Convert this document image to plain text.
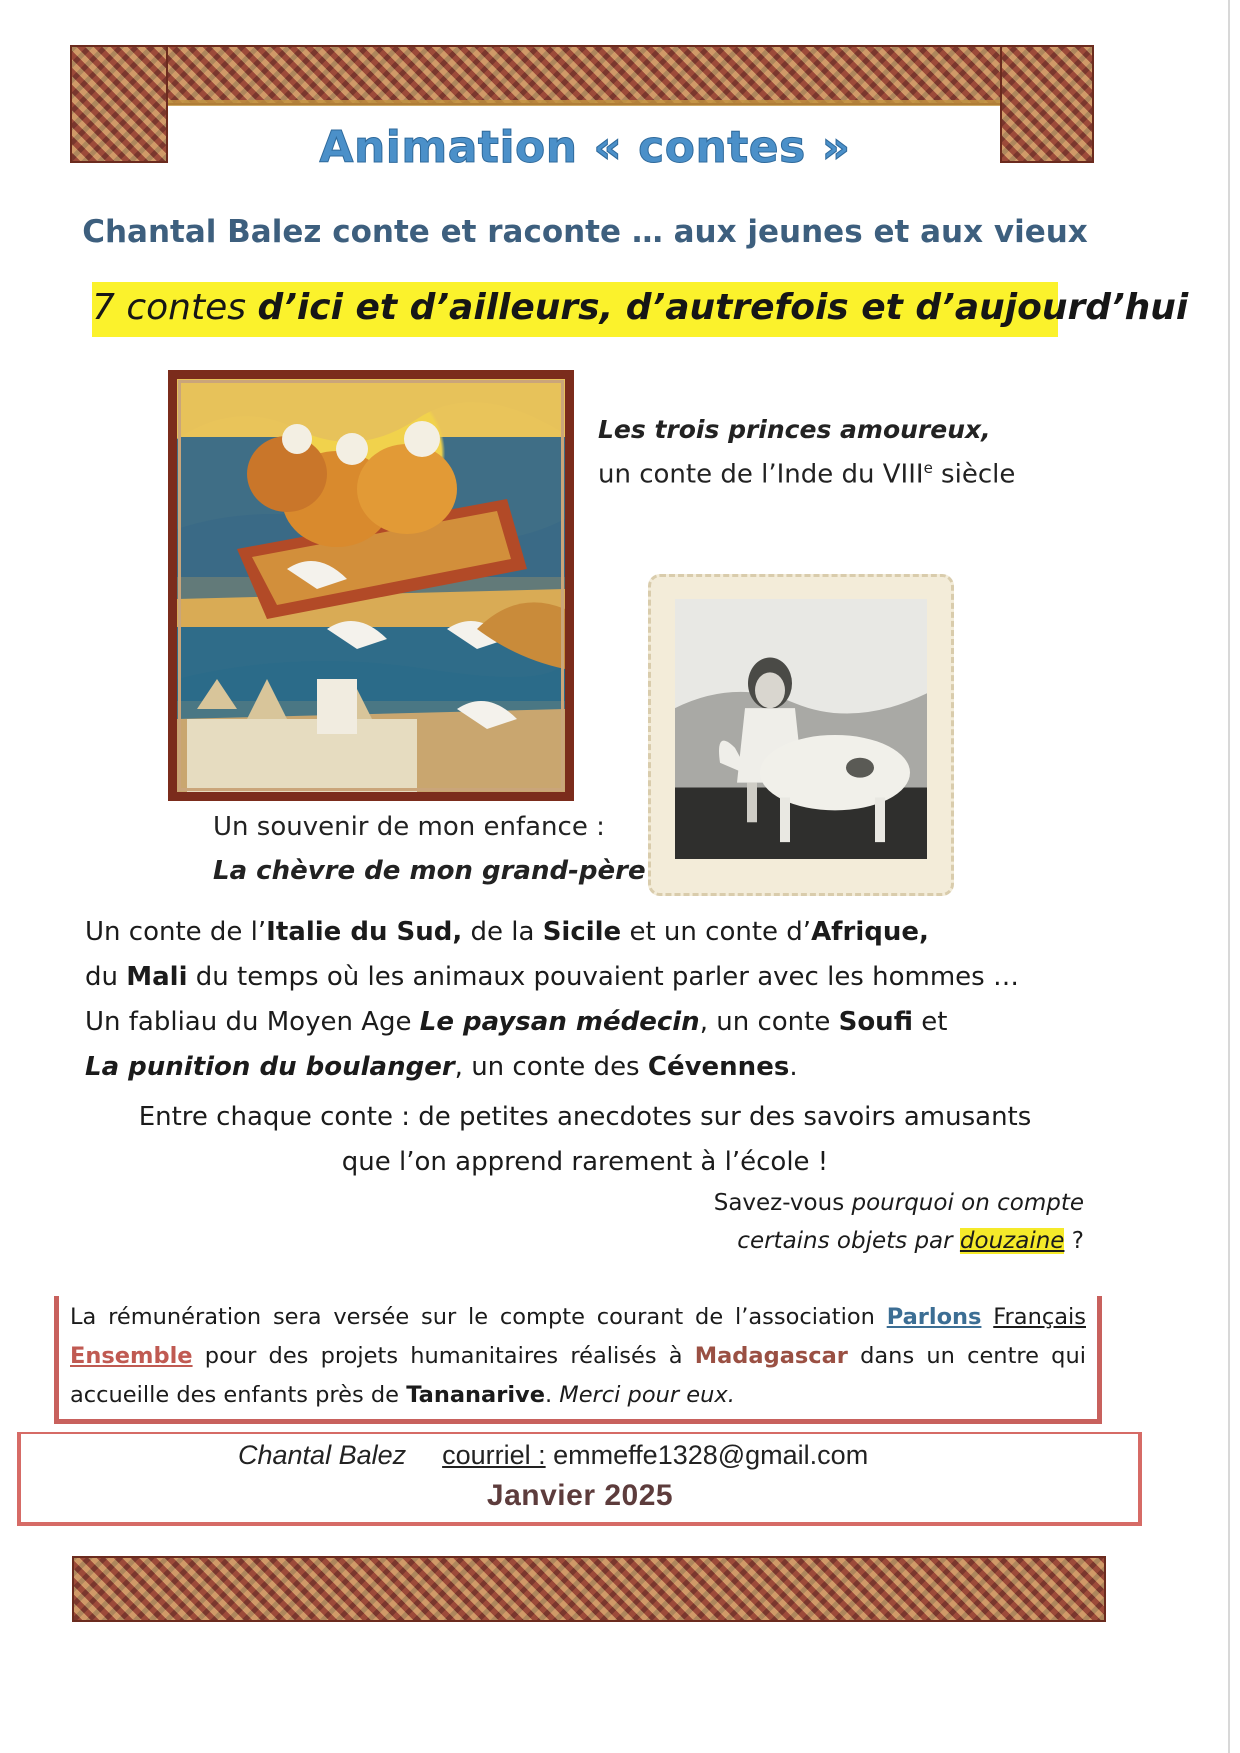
Animation « contes »
Chantal Balez conte et raconte … aux jeunes et aux vieux
7 contes d’ici et d’ailleurs, d’autrefois et d’aujourd’hui
Les trois princes amoureux,
un conte de l’Inde du VIIIe siècle
Un souvenir de mon enfance :
La chèvre de mon grand-père
Un conte de l’Italie du Sud, de la Sicile et un conte d’Afrique,
du Mali du temps où les animaux pouvaient parler avec les hommes …
Un fabliau du Moyen Age Le paysan médecin, un conte Soufi et
La punition du boulanger, un conte des Cévennes.
Entre chaque conte : de petites anecdotes sur des savoirs amusants
que l’on apprend rarement à l’école !
Savez-vous pourquoi on compte
certains objets par douzaine ?
La rémunération sera versée sur le compte courant de l’association Parlons Français Ensemble pour des projets humanitaires réalisés à Madagascar dans un centre qui accueille des enfants près de Tananarive. Merci pour eux.
Chantal Balez courriel : emmeffe1328@gmail.com
Janvier 2025
